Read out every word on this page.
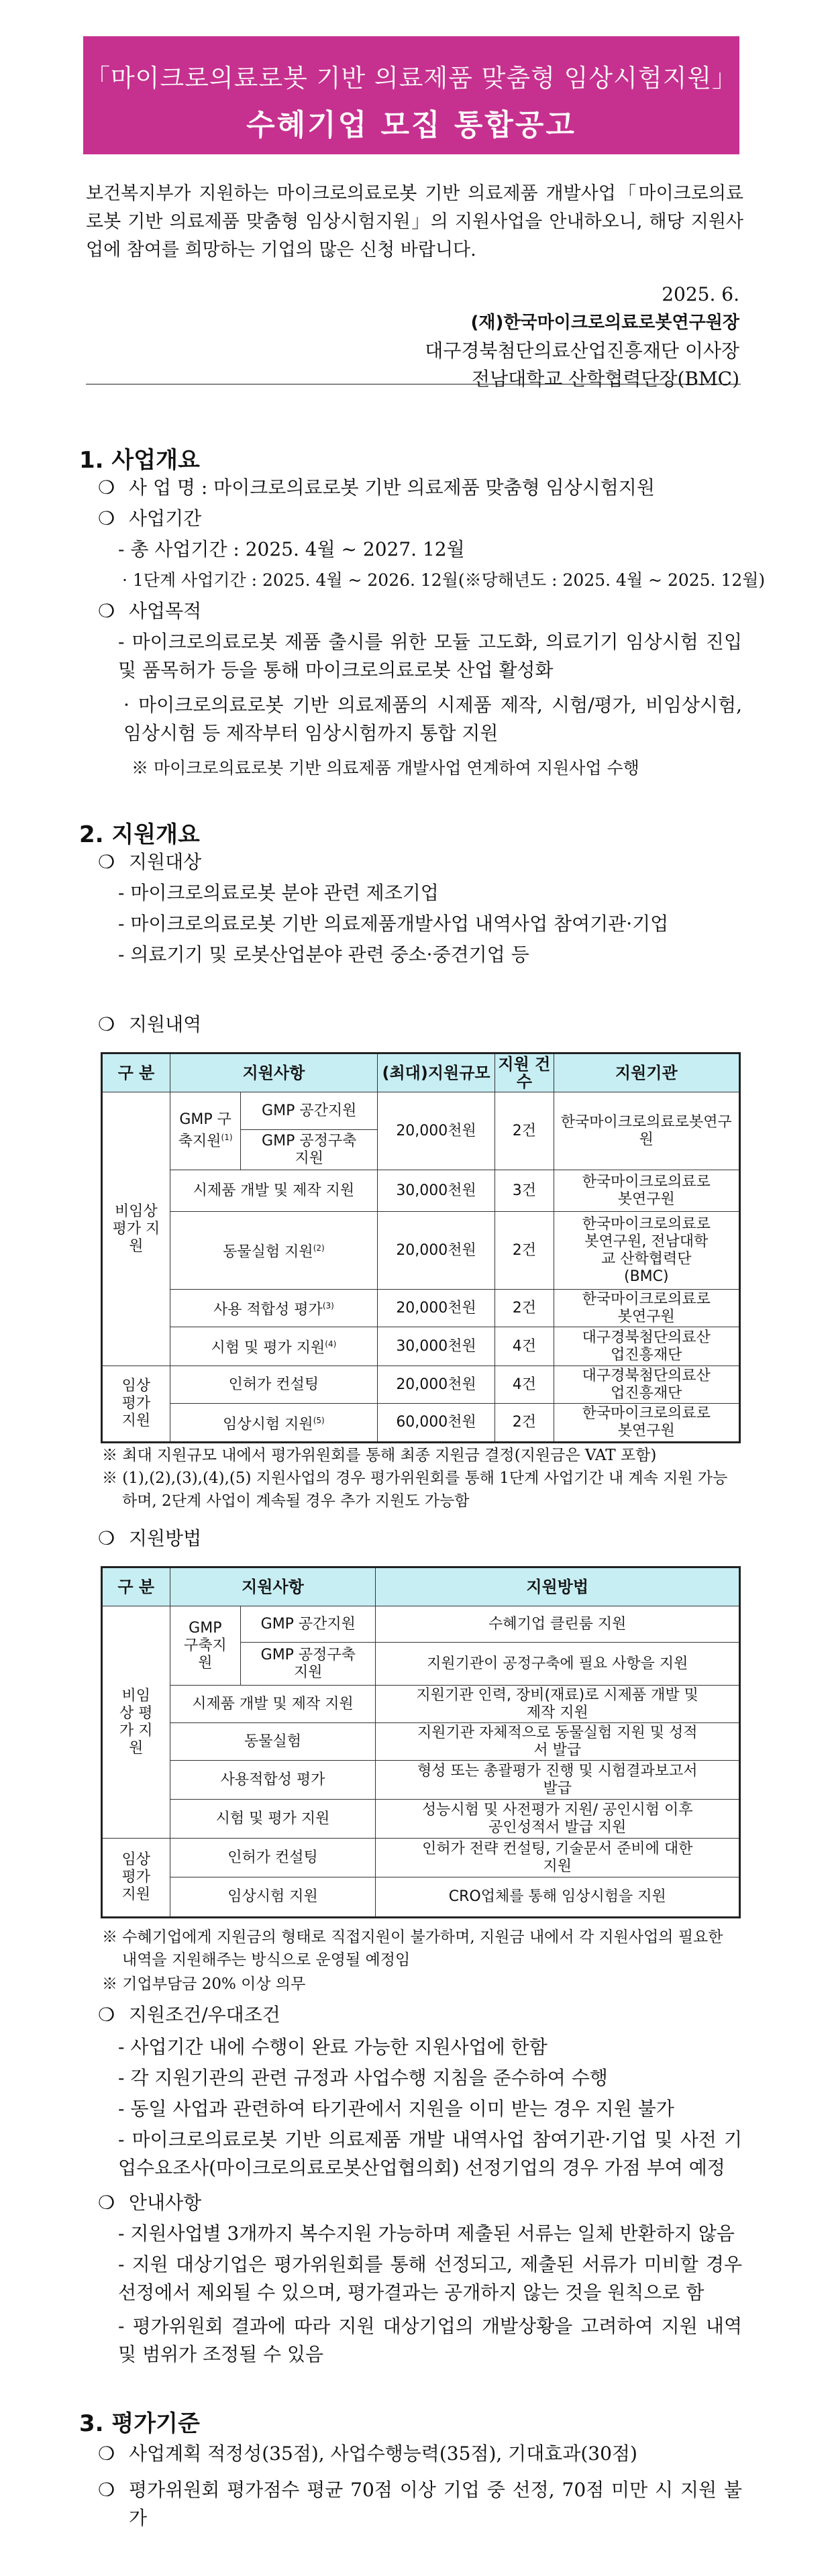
「마이크로의료로봇 기반 의료제품 맞춤형 임상시험지원」
수혜기업 모집 통합공고
보건복지부가 지원하는 마이크로의료로봇 기반 의료제품 개발사업「마이크로의료로봇 기반 의료제품 맞춤형 임상시험지원」의 지원사업을 안내하오니, 해당 지원사업에 참여를 희망하는 기업의 많은 신청 바랍니다.
2025. 6.
(재)한국마이크로의료로봇연구원장
대구경북첨단의료산업진흥재단 이사장
전남대학교 산학협력단장(BMC)
1. 사업개요
❍ 사 업 명 : 마이크로의료로봇 기반 의료제품 맞춤형 임상시험지원
❍ 사업기간
- 총 사업기간 : 2025. 4월 ~ 2027. 12월
· 1단계 사업기간 : 2025. 4월 ~ 2026. 12월(※당해년도 : 2025. 4월 ~ 2025. 12월)
❍ 사업목적
- 마이크로의료로봇 제품 출시를 위한 모듈 고도화, 의료기기 임상시험 진입 및 품목허가 등을 통해 마이크로의료로봇 산업 활성화
· 마이크로의료로봇 기반 의료제품의 시제품 제작, 시험/평가, 비임상시험, 임상시험 등 제작부터 임상시험까지 통합 지원
※ 마이크로의료로봇 기반 의료제품 개발사업 연계하여 지원사업 수행
2. 지원개요
❍ 지원대상
- 마이크로의료로봇 분야 관련 제조기업
- 마이크로의료로봇 기반 의료제품개발사업 내역사업 참여기관·기업
- 의료기기 및 로봇산업분야 관련 중소·중견기업 등
❍ 지원내역
구 분	지원사항		(최대)지원규모	지원 건수	지원기관

비임상 평가 지원	GMP 구축지원$^{(1)}$	GMP 공간지원	20,000천원	2건	한국마이크로의료로봇연구원

		GMP 공정구축지원			

	시제품 개발 및 제작 지원		30,000천원	3건	한국마이크로의료로봇연구원

	동물실험 지원$^{(2)}$		20,000천원	2건	한국마이크로의료로봇연구원, 전남대학교 산학협력단(BMC)

	사용 적합성 평가$^{(3)}$		20,000천원	2건	한국마이크로의료로봇연구원

	시험 및 평가 지원$^{(4)}$		30,000천원	4건	대구경북첨단의료산업진흥재단

임상 평가 지원	인허가 컨설팅		20,000천원	4건	대구경북첨단의료산업진흥재단

	임상시험 지원$^{(5)}$		60,000천원	2건	한국마이크로의료로봇연구원
※ 최대 지원규모 내에서 평가위원회를 통해 최종 지원금 결정(지원금은 VAT 포함)
※ (1),(2),(3),(4),(5) 지원사업의 경우 평가위원회를 통해 1단계 사업기간 내 계속 지원 가능하며, 2단계 사업이 계속될 경우 추가 지원도 가능함
❍ 지원방법
구 분	지원사항		지원방법

비임상 평가 지원	GMP 구축지원	GMP 공간지원	수혜기업 클린룸 지원

		GMP 공정구축지원	지원기관이 공정구축에 필요 사항을 지원
	시제품 개발 및 제작 지원		지원기관 인력, 장비(재료)로 시제품 개발 및 제작 지원

	동물실험		지원기관 자체적으로 동물실험 지원 및 성적서 발급

	사용적합성 평가		형성 또는 총괄평가 진행 및 시험결과보고서 발급

	시험 및 평가 지원		성능시험 및 사전평가 지원/ 공인시험 이후 공인성적서 발급 지원

임상 평가 지원	인허가 컨설팅		인허가 전략 컨설팅, 기술문서 준비에 대한 지원

	임상시험 지원		CRO업체를 통해 임상시험을 지원
※ 수혜기업에게 지원금의 형태로 직접지원이 불가하며, 지원금 내에서 각 지원사업의 필요한 내역을 지원해주는 방식으로 운영될 예정임
※ 기업부담금 20% 이상 의무
❍ 지원조건/우대조건
- 사업기간 내에 수행이 완료 가능한 지원사업에 한함
- 각 지원기관의 관련 규정과 사업수행 지침을 준수하여 수행
- 동일 사업과 관련하여 타기관에서 지원을 이미 받는 경우 지원 불가
- 마이크로의료로봇 기반 의료제품 개발 내역사업 참여기관·기업 및 사전 기업수요조사(마이크로의료로봇산업협의회) 선정기업의 경우 가점 부여 예정
❍ 안내사항
- 지원사업별 3개까지 복수지원 가능하며 제출된 서류는 일체 반환하지 않음
- 지원 대상기업은 평가위원회를 통해 선정되고, 제출된 서류가 미비할 경우 선정에서 제외될 수 있으며, 평가결과는 공개하지 않는 것을 원칙으로 함
- 평가위원회 결과에 따라 지원 대상기업의 개발상황을 고려하여 지원 내역 및 범위가 조정될 수 있음
3. 평가기준
❍ 사업계획 적정성(35점), 사업수행능력(35점), 기대효과(30점)
❍ 평가위원회 평가점수 평균 70점 이상 기업 중 선정, 70점 미만 시 지원 불가
